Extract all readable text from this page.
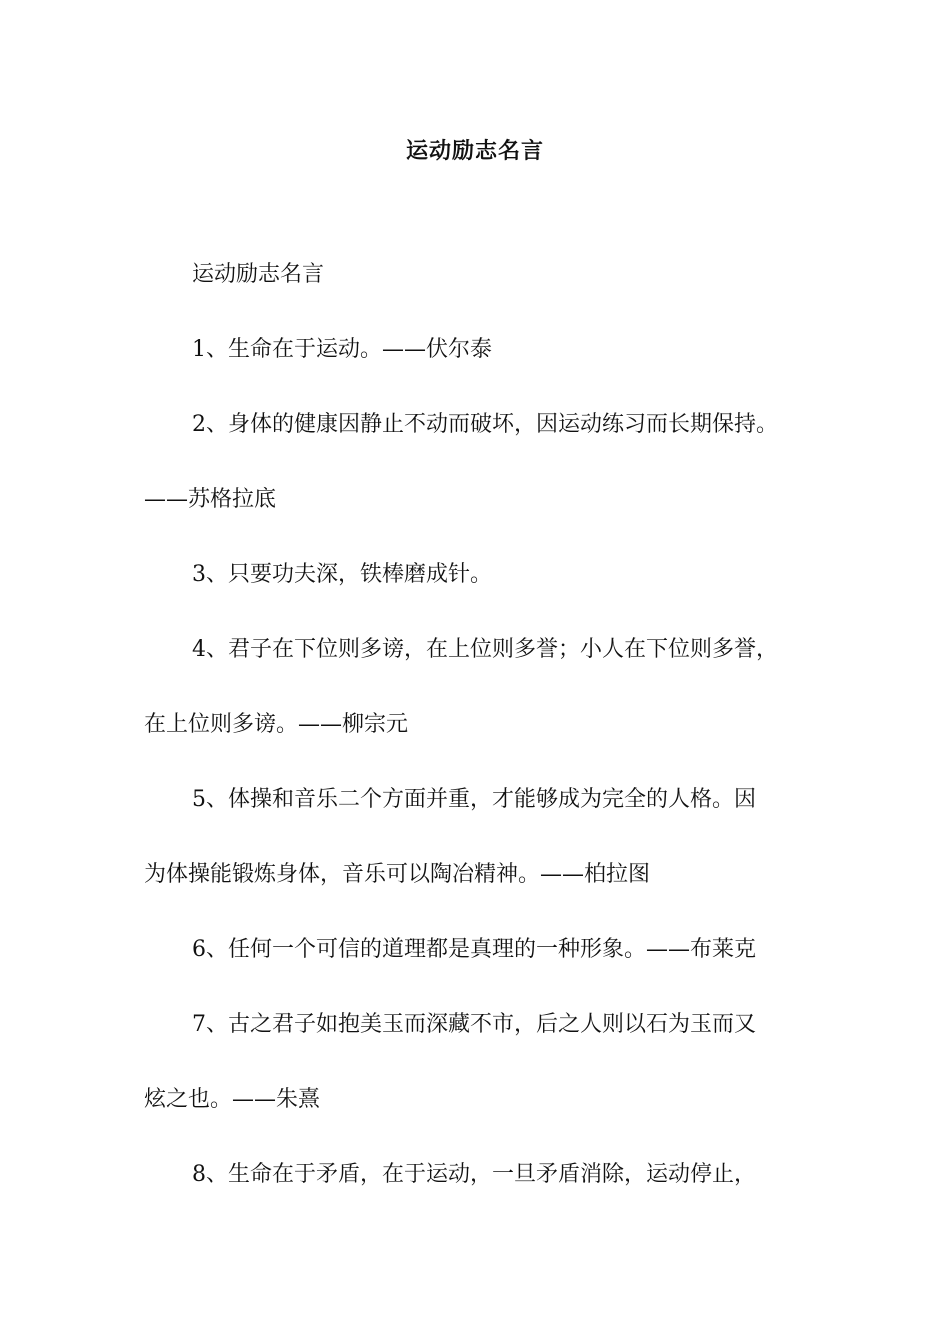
运动励志名言
运动励志名言
1、生命在于运动。——伏尔泰
2、身体的健康因静止不动而破坏，因运动练习而长期保持。
——苏格拉底
3、只要功夫深，铁棒磨成针。
4、君子在下位则多谤，在上位则多誉；小人在下位则多誉，
在上位则多谤。——柳宗元
5、体操和音乐二个方面并重，才能够成为完全的人格。因
为体操能锻炼身体，音乐可以陶冶精神。——柏拉图
6、任何一个可信的道理都是真理的一种形象。——布莱克
7、古之君子如抱美玉而深藏不市，后之人则以石为玉而又
炫之也。——朱熹
8、生命在于矛盾，在于运动，一旦矛盾消除，运动停止，
